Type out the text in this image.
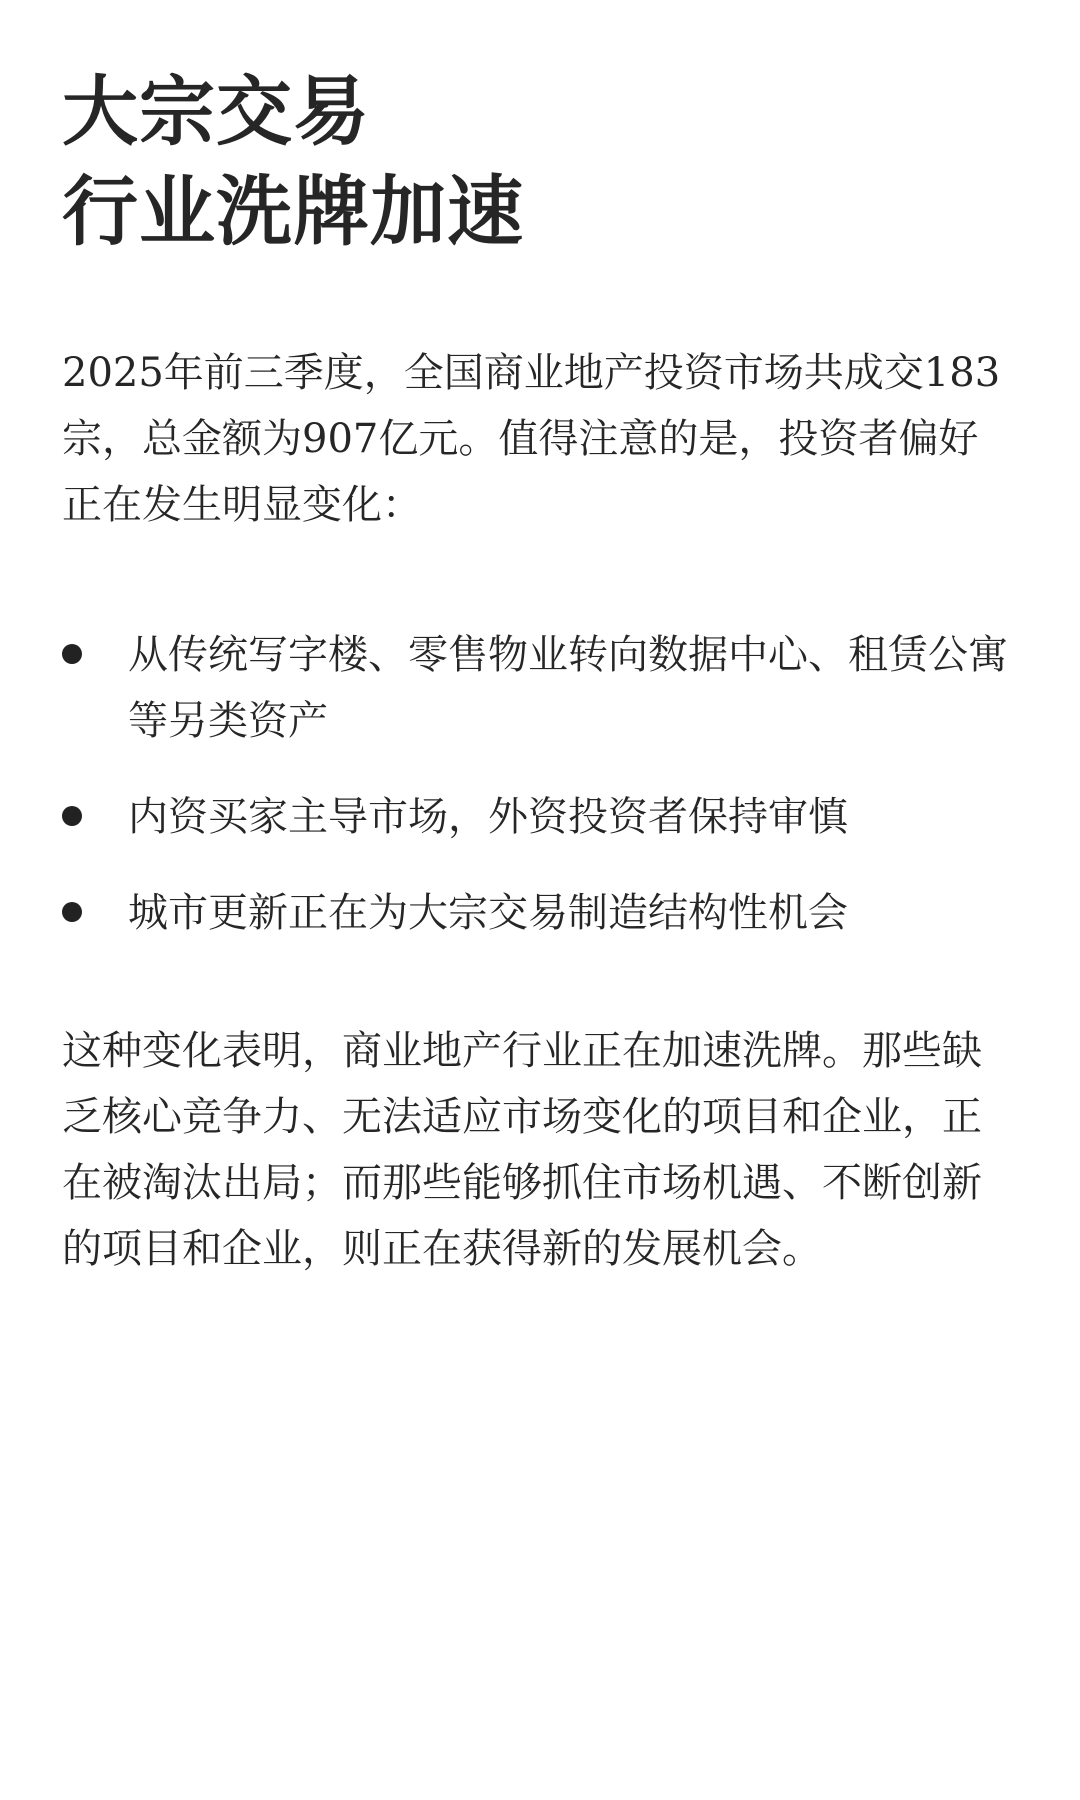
大宗交易
行业洗牌加速

2025年前三季度，全国商业地产投资市场共成交183宗，总金额为907亿元。值得注意的是，投资者偏好正在发生明显变化：

从传统写字楼、零售物业转向数据中心、租赁公寓等另类资产
内资买家主导市场，外资投资者保持审慎
城市更新正在为大宗交易制造结构性机会

这种变化表明，商业地产行业正在加速洗牌。那些缺乏核心竞争力、无法适应市场变化的项目和企业，正在被淘汰出局；而那些能够抓住市场机遇、不断创新的项目和企业，则正在获得新的发展机会。
